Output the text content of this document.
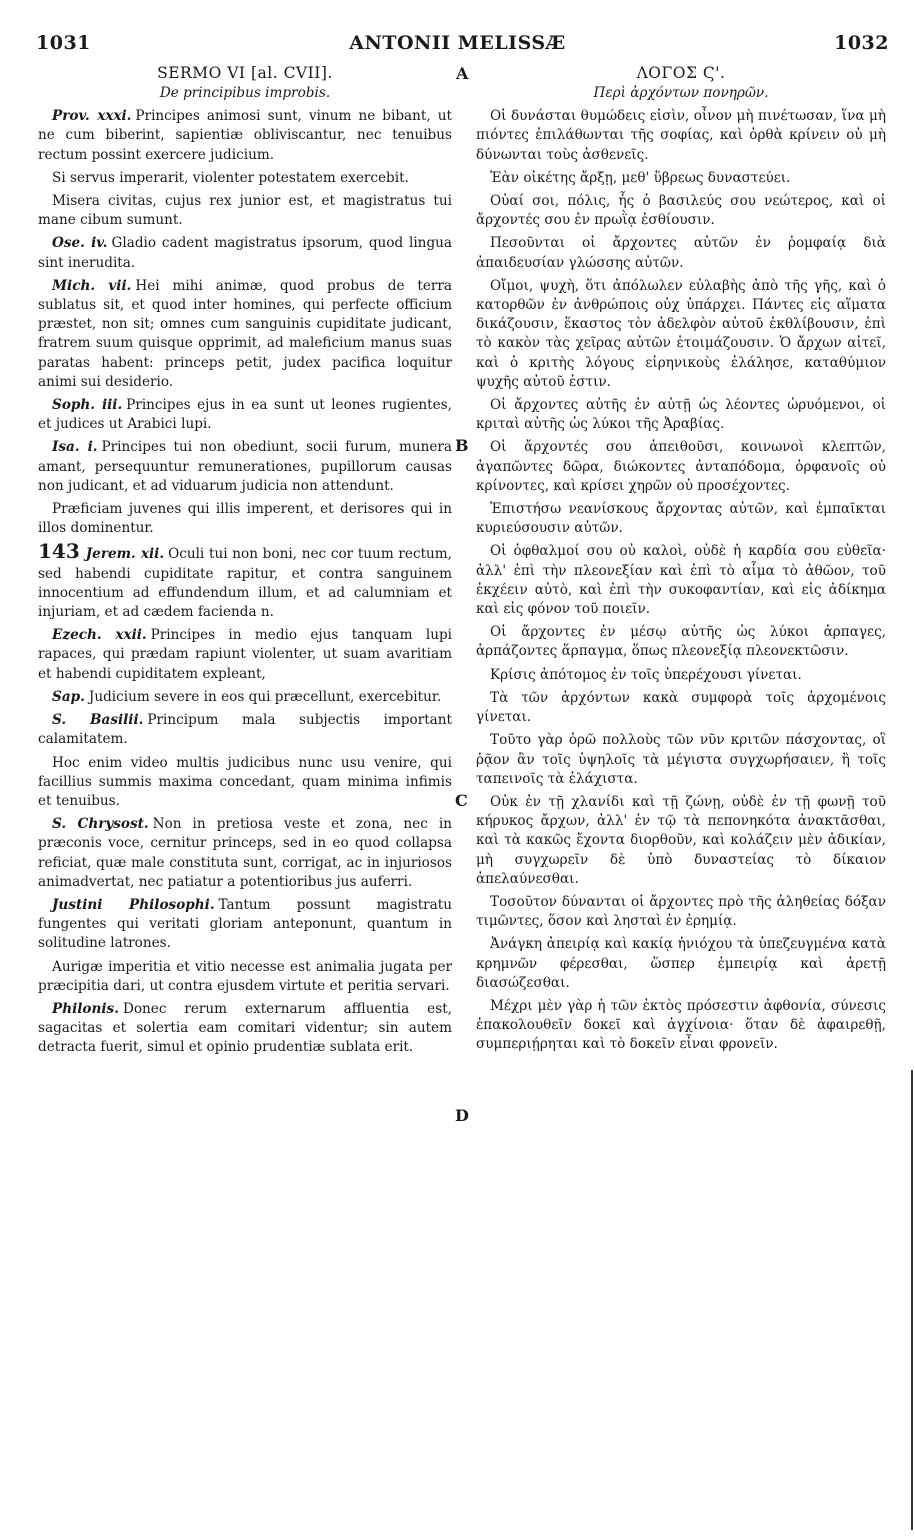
1031	ANTONII MELISSÆ	1032
A
B
C
D
SERMO VI [al. CVII].
De principibus improbis.

Prov. xxxi. Principes animosi sunt, vinum ne bibant, ut ne cum biberint, sapientiæ obliviscantur, nec tenuibus rectum possint exercere judicium.

Si servus imperarit, violenter potestatem exercebit.

Misera civitas, cujus rex junior est, et magistratus tui mane cibum sumunt.

Ose. iv. Gladio cadent magistratus ipsorum, quod lingua sint inerudita.

Mich. vii. Hei mihi animæ, quod probus de terra sublatus sit, et quod inter homines, qui perfecte officium præstet, non sit; omnes cum sanguinis cupiditate judicant, fratrem suum quisque opprimit, ad maleficium manus suas paratas habent: princeps petit, judex pacifica loquitur animi sui desiderio.

Soph. iii. Principes ejus in ea sunt ut leones rugientes, et judices ut Arabici lupi.

Isa. i. Principes tui non obediunt, socii furum, munera amant, persequuntur remunerationes, pupillorum causas non judicant, et ad viduarum judicia non attendunt.

Præficiam juvenes qui illis imperent, et derisores qui in illos dominentur.

143 Jerem. xii. Oculi tui non boni, nec cor tuum rectum, sed habendi cupiditate rapitur, et contra sanguinem innocentium ad effundendum illum, et ad calumniam et injuriam, et ad cædem facienda n.

Ezech. xxii. Principes in medio ejus tanquam lupi rapaces, qui prædam rapiunt violenter, ut suam avaritiam et habendi cupiditatem expleant,

Sap. Judicium severe in eos qui præcellunt, exercebitur.

S. Basilii. Principum mala subjectis important calamitatem.

Hoc enim video multis judicibus nunc usu venire, qui facillius summis maxima concedant, quam minima infimis et tenuibus.

S. Chrysost. Non in pretiosa veste et zona, nec in præconis voce, cernitur princeps, sed in eo quod collapsa reficiat, quæ male constituta sunt, corrigat, ac in injuriosos animadvertat, nec patiatur a potentioribus jus auferri.

Justini Philosophi. Tantum possunt magistratu fungentes qui veritati gloriam anteponunt, quantum in solitudine latrones.

Aurigæ imperitia et vitio necesse est animalia jugata per præcipitia dari, ut contra ejusdem virtute et peritia servari.

Philonis. Donec rerum externarum affluentia est, sagacitas et solertia eam comitari videntur; sin autem detracta fuerit, simul et opinio prudentiæ sublata erit.

ΛΟΓΟΣ Ϛ'.
Περὶ ἀρχόντων πονηρῶν.

Οἱ δυνάσται θυμώδεις εἰσὶν, οἶνον μὴ πινέτωσαν, ἵνα μὴ πιόντες ἐπιλάθωνται τῆς σοφίας, καὶ ὀρθὰ κρίνειν οὐ μὴ δύνωνται τοὺς ἀσθενεῖς.

Ἐὰν οἰκέτης ἄρξῃ, μεθ' ὕβρεως δυναστεύει.

Οὐαί σοι, πόλις, ἧς ὁ βασιλεύς σου νεώτερος, καὶ οἱ ἄρχοντές σου ἐν πρωῒᾳ ἐσθίουσιν.

Πεσοῦνται οἱ ἄρχοντες αὐτῶν ἐν ῥομφαίᾳ διὰ ἀπαιδευσίαν γλώσσης αὐτῶν.

Οἴμοι, ψυχὴ, ὅτι ἀπόλωλεν εὐλαβὴς ἀπὸ τῆς γῆς, καὶ ὁ κατορθῶν ἐν ἀνθρώποις οὐχ ὑπάρχει. Πάντες εἰς αἵματα δικάζουσιν, ἕκαστος τὸν ἀδελφὸν αὐτοῦ ἐκθλίβουσιν, ἐπὶ τὸ κακὸν τὰς χεῖρας αὐτῶν ἑτοιμάζουσιν. Ὁ ἄρχων αἰτεῖ, καὶ ὁ κριτὴς λόγους εἰρηνικοὺς ἐλάλησε, καταθύμιον ψυχῆς αὐτοῦ ἐστιν.

Οἱ ἄρχοντες αὐτῆς ἐν αὐτῇ ὡς λέοντες ὠρυόμενοι, οἱ κριταὶ αὐτῆς ὡς λύκοι τῆς Ἀραβίας.

Οἱ ἄρχοντές σου ἀπειθοῦσι, κοινωνοὶ κλεπτῶν, ἀγαπῶντες δῶρα, διώκοντες ἀνταπόδομα, ὀρφανοῖς οὐ κρίνοντες, καὶ κρίσει χηρῶν οὐ προσέχοντες.

Ἐπιστήσω νεανίσκους ἄρχοντας αὐτῶν, καὶ ἐμπαῖκται κυριεύσουσιν αὐτῶν.

Οἱ ὀφθαλμοί σου οὐ καλοὶ, οὐδὲ ἡ καρδία σου εὐθεῖα· ἀλλ' ἐπὶ τὴν πλεονεξίαν καὶ ἐπὶ τὸ αἷμα τὸ ἀθῶον, τοῦ ἐκχέειν αὐτὸ, καὶ ἐπὶ τὴν συκοφαντίαν, καὶ εἰς ἀδίκημα καὶ εἰς φόνον τοῦ ποιεῖν.

Οἱ ἄρχοντες ἐν μέσῳ αὐτῆς ὡς λύκοι ἁρπαγες, ἁρπάζοντες ἅρπαγμα, ὅπως πλεονεξίᾳ πλεονεκτῶσιν.

Κρίσις ἀπότομος ἐν τοῖς ὑπερέχουσι γίνεται.

Τὰ τῶν ἀρχόντων κακὰ συμφορὰ τοῖς ἀρχομένοις γίνεται.

Τοῦτο γὰρ ὁρῶ πολλοὺς τῶν νῦν κριτῶν πάσχοντας, οἳ ῥᾷον ἂν τοῖς ὑψηλοῖς τὰ μέγιστα συγχωρήσαιεν, ἢ τοῖς ταπεινοῖς τὰ ἐλάχιστα.

Οὐκ ἐν τῇ χλανίδι καὶ τῇ ζώνῃ, οὐδὲ ἐν τῇ φωνῇ τοῦ κήρυκος ἄρχων, ἀλλ' ἐν τῷ τὰ πεπονηκότα ἀνακτᾶσθαι, καὶ τὰ κακῶς ἔχοντα διορθοῦν, καὶ κολάζειν μὲν ἀδικίαν, μὴ συγχωρεῖν δὲ ὑπὸ δυναστείας τὸ δίκαιον ἀπελαύνεσθαι.

Τοσοῦτον δύνανται οἱ ἄρχοντες πρὸ τῆς ἀληθείας δόξαν τιμῶντες, ὅσον καὶ λησταὶ ἐν ἐρημίᾳ.

Ἀνάγκη ἀπειρίᾳ καὶ κακίᾳ ἡνιόχου τὰ ὑπεζευγμένα κατὰ κρημνῶν φέρεσθαι, ὥσπερ ἐμπειρίᾳ καὶ ἀρετῇ διασώζεσθαι.

Μέχρι μὲν γὰρ ἡ τῶν ἐκτὸς πρόσεστιν ἀφθονία, σύνεσις ἐπακολουθεῖν δοκεῖ καὶ ἀγχίνοια· ὅταν δὲ ἀφαιρεθῇ, συμπεριῄρηται καὶ τὸ δοκεῖν εἶναι φρονεῖν.
